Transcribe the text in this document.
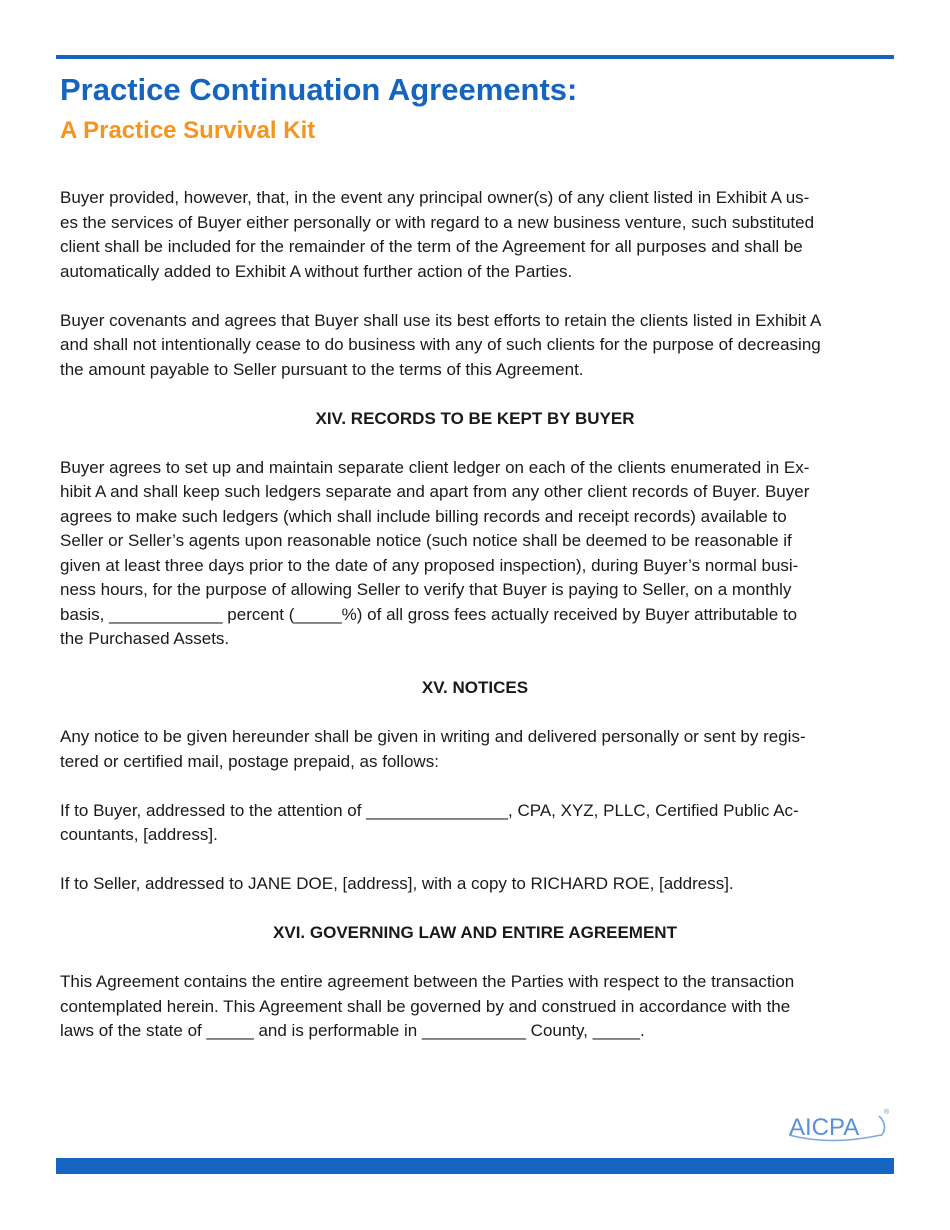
Practice Continuation Agreements:
A Practice Survival Kit

Buyer provided, however, that, in the event any principal owner(s) of any client listed in Exhibit A us-
es the services of Buyer either personally or with regard to a new business venture, such substituted
client shall be included for the remainder of the term of the Agreement for all purposes and shall be
automatically added to Exhibit A without further action of the Parties.

Buyer covenants and agrees that Buyer shall use its best efforts to retain the clients listed in Exhibit A
and shall not intentionally cease to do business with any of such clients for the purpose of decreasing
the amount payable to Seller pursuant to the terms of this Agreement.

XIV. RECORDS TO BE KEPT BY BUYER

Buyer agrees to set up and maintain separate client ledger on each of the clients enumerated in Ex-
hibit A and shall keep such ledgers separate and apart from any other client records of Buyer. Buyer
agrees to make such ledgers (which shall include billing records and receipt records) available to
Seller or Seller’s agents upon reasonable notice (such notice shall be deemed to be reasonable if
given at least three days prior to the date of any proposed inspection), during Buyer’s normal busi-
ness hours, for the purpose of allowing Seller to verify that Buyer is paying to Seller, on a monthly
basis, ____________ percent (_____%) of all gross fees actually received by Buyer attributable to
the Purchased Assets.

XV. NOTICES

Any notice to be given hereunder shall be given in writing and delivered personally or sent by regis-
tered or certified mail, postage prepaid, as follows:

If to Buyer, addressed to the attention of _______________, CPA, XYZ, PLLC, Certified Public Ac-
countants, [address].

If to Seller, addressed to JANE DOE, [address], with a copy to RICHARD ROE, [address].

XVI. GOVERNING LAW AND ENTIRE AGREEMENT

This Agreement contains the entire agreement between the Parties with respect to the transaction
contemplated herein. This Agreement shall be governed by and construed in accordance with the
laws of the state of _____ and is performable in ___________ County, _____.

AICPA
®
